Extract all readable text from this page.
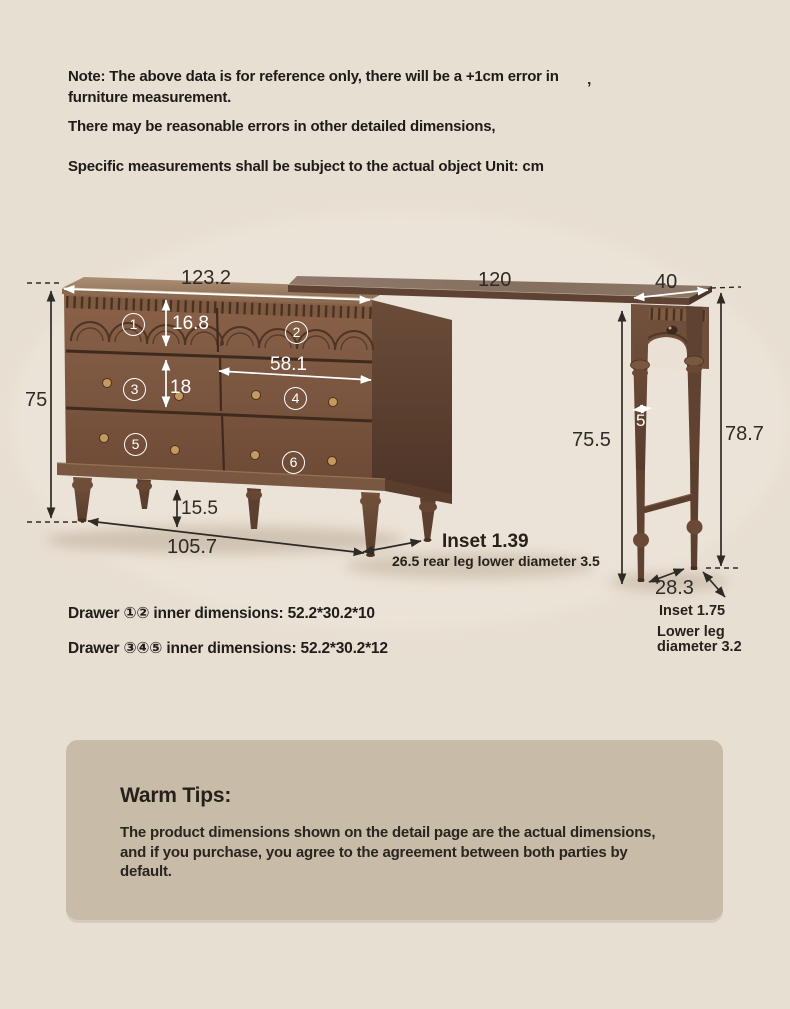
Note: The above data is for reference only, there will be a +1cm error in furniture measurement.

’

There may be reasonable errors in other detailed dimensions,

Specific measurements shall be subject to the actual object Unit: cm

123.2	120	40
75
16.8
18
58.1
15.5
105.7
75.5	78.7
5
28.3
Inset 1.39
26.5 rear leg lower diameter 3.5
Inset 1.75
Lower leg
diameter 3.2
1	2
3
4
5
6

Drawer ①② inner dimensions: 52.2*30.2*10

Drawer ③④⑤ inner dimensions: 52.2*30.2*12

Warm Tips:

The product dimensions shown on the detail page are the actual dimensions, and if you purchase, you agree to the agreement between both parties by default.
